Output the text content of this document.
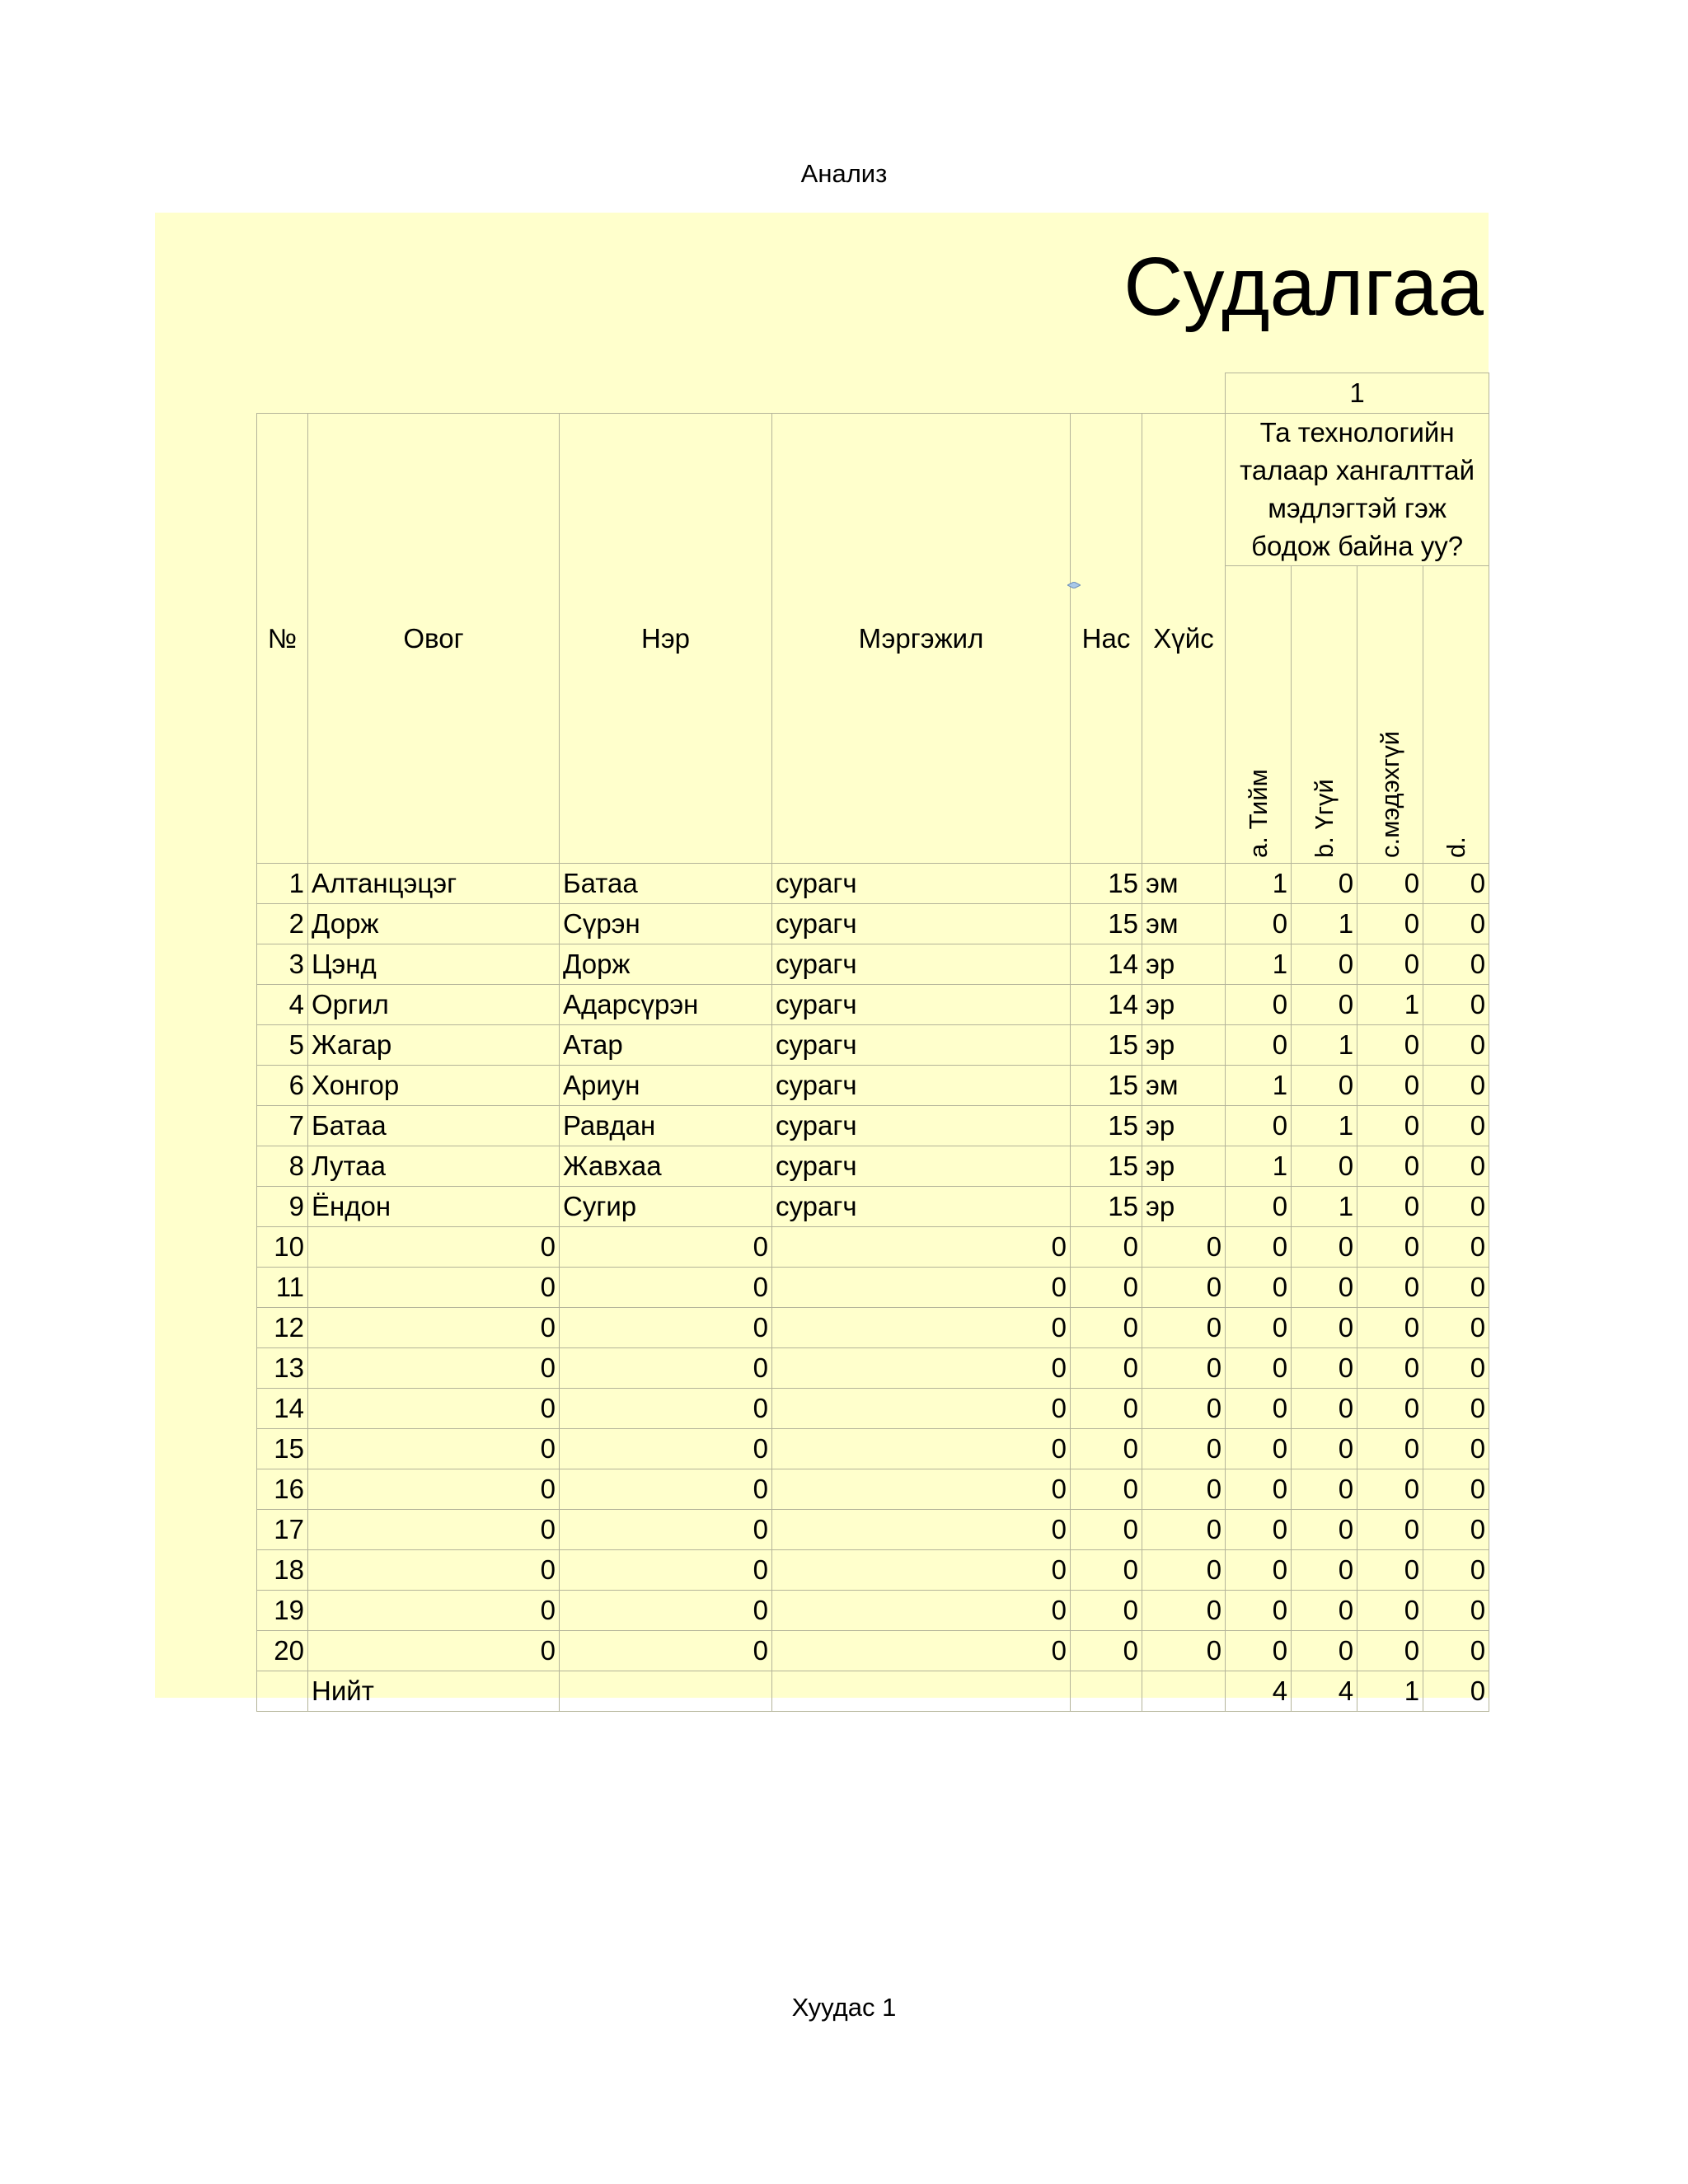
Анализ
Судалгаа
						1			
№	Овог	Нэр	Мэргэжил	Нас	Хүйс	Та технологийн талаар хангалттай мэдлэгтэй гэж бодож байна уу?			

a. Тийм	b. Үгүй	c.мэдэхгүй	d.

1	Алтанцэцэг	Батаа	сурагч	15	эм	1	0	0	0
2	Дорж	Сүрэн	сурагч	15	эм	0	1	0	0
3	Цэнд	Дорж	сурагч	14	эр	1	0	0	0
4	Оргил	Адарсүрэн	сурагч	14	эр	0	0	1	0
5	Жагар	Атар	сурагч	15	эр	0	1	0	0
6	Хонгор	Ариун	сурагч	15	эм	1	0	0	0
7	Батаа	Равдан	сурагч	15	эр	0	1	0	0
8	Лутаа	Жавхаа	сурагч	15	эр	1	0	0	0
9	Ёндон	Сугир	сурагч	15	эр	0	1	0	0
10	0	0	0	0	0	0	0	0	0
11	0	0	0	0	0	0	0	0	0
12	0	0	0	0	0	0	0	0	0
13	0	0	0	0	0	0	0	0	0
14	0	0	0	0	0	0	0	0	0
15	0	0	0	0	0	0	0	0	0
16	0	0	0	0	0	0	0	0	0
17	0	0	0	0	0	0	0	0	0
18	0	0	0	0	0	0	0	0	0
19	0	0	0	0	0	0	0	0	0
20	0	0	0	0	0	0	0	0	0
	Нийт					4	4	1	0
Хуудас 1
